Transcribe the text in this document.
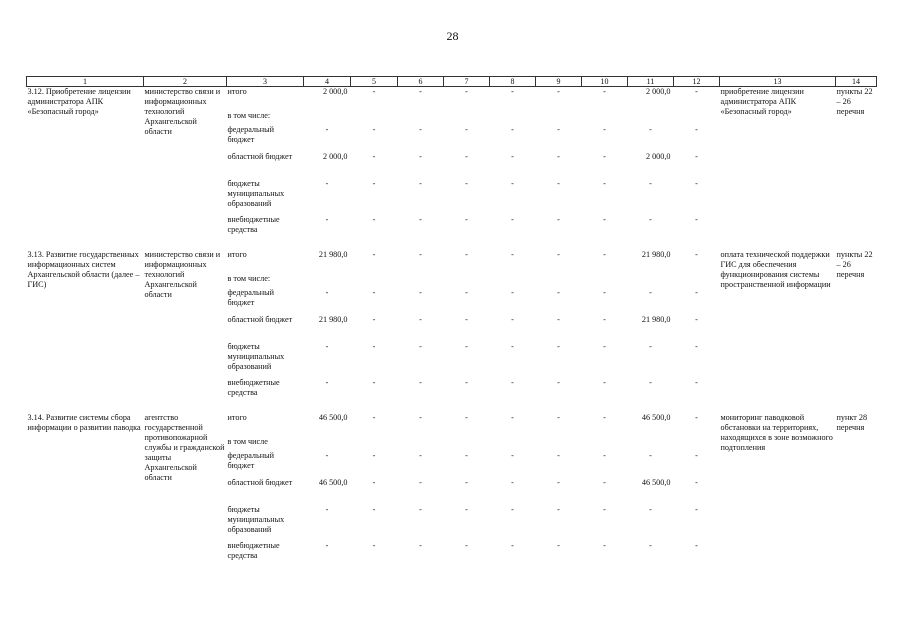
28
1	2	3	4	5	6	7	8	9	10	11	12	13	14
3.12. Приобретение лицензии администратора АПК «Безопасный город»	министерство связи и информационных технологий Архангельской области	итого	2 000,0	-	-	-	-	-	-	2 000,0	-	приобретение лицензии администратора АПК «Безопасный город»	пункты 22 – 26 перечня
		в том числе:											
		федеральный бюджет	-	-	-	-	-	-	-	-	-		
		областной бюджет	2 000,0	-	-	-	-	-	-	2 000,0	-		
		бюджеты муниципальных образований	-	-	-	-	-	-	-	-	-		
		внебюджетные средства	-	-	-	-	-	-	-	-	-		

3.13. Развитие государственных информационных систем Архангельской области (далее – ГИС)	министерство связи и информационных технологий Архангельской области	итого	21 980,0	-	-	-	-	-	-	21 980,0	-	оплата технической поддержки ГИС для обеспечения функционирования системы пространственной информации	пункты 22 – 26 перечня
		в том числе:											
		федеральный бюджет	-	-	-	-	-	-	-	-	-		
		областной бюджет	21 980,0	-	-	-	-	-	-	21 980,0	-		
		бюджеты муниципальных образований	-	-	-	-	-	-	-	-	-		
		внебюджетные средства	-	-	-	-	-	-	-	-	-		

3.14. Развитие системы сбора информации о развитии паводка	агентство государственной противопожарной службы и гражданской защиты Архангельской области	итого	46 500,0	-	-	-	-	-	-	46 500,0	-	мониторинг паводковой обстановки на территориях, находящихся в зоне возможного подтопления	пункт 28 перечня
		в том числе											
		федеральный бюджет	-	-	-	-	-	-	-	-	-		
		областной бюджет	46 500,0	-	-	-	-	-	-	46 500,0	-		
		бюджеты муниципальных образований	-	-	-	-	-	-	-	-	-		
		внебюджетные средства	-	-	-	-	-	-	-	-	-		
